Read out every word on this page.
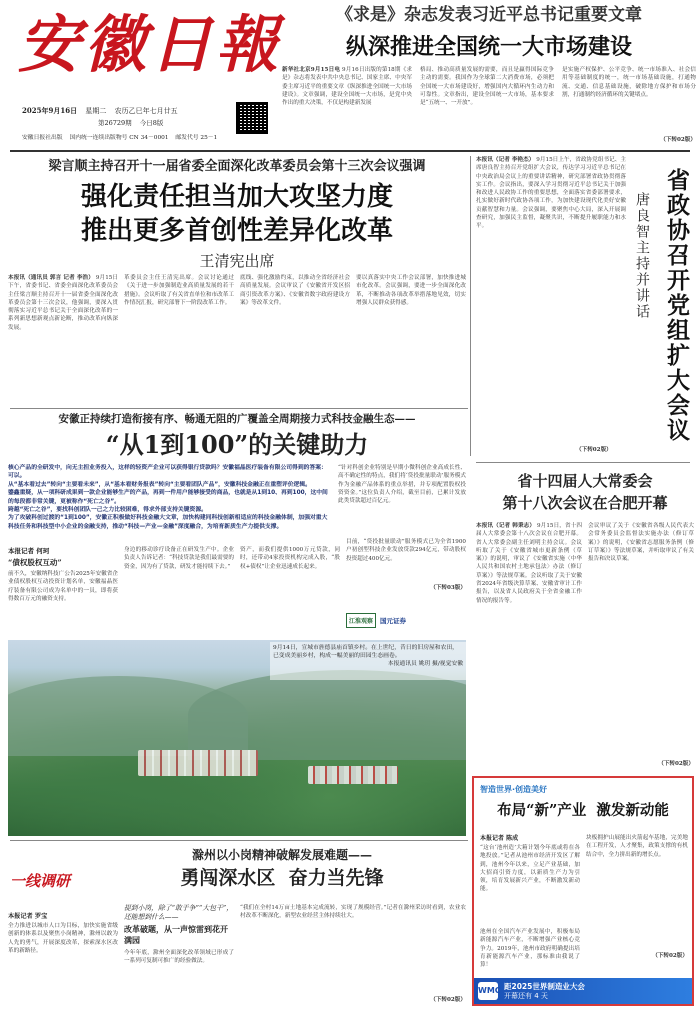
安徽日報
2025年9月16日 星期二 农历乙巳年七月廿五
第26729期 今日8版
安徽日报社出版 国内统一连续出版物号 CN 34－0001 邮发代号 25－1
《求是》杂志发表习近平总书记重要文章
纵深推进全国统一大市场建设
新华社北京9月15日电 9月16日出版的第18期《求是》杂志将发表中共中央总书记、国家主席、中央军委主席习近平的重要文章《纵深推进全国统一大市场建设》。文章强调，建设全国统一大市场，是党中央作出的重大决策，不仅是构建新发展
格局、推动高质量发展的需要，而且是赢得国际竞争主动的需要。我国作为全球第二大消费市场，必须把全国统一大市场建设好，增强国内大循环内生动力和可靠性。文章指出，建设全国统一大市场，基本要求是“五统一、一开放”。
是实施产权保护、公平竞争、统一市场准入、社会信用等基础制度的统一，统一市场基础设施，打通物流、交通、信息基础设施，破除地方保护和市场分割，打通制约经济循环的关键堵点。
（下转02版）
梁言顺主持召开十一届省委全面深化改革委员会第十三次会议强调
强化责任担当加大攻坚力度
推出更多首创性差异化改革
王清宪出席
本报讯（通讯员 郭言 记者 李浩） 9月15日下午，省委书记、省委全面深化改革委员会主任梁言顺主持召开十一届省委全面深化改革委员会第十三次会议，他强调，要深入贯彻落实习近平总书记关于全面深化改革的一系列新思想新观点新论断，推动改革向纵深发展。
革委员会主任王清宪出席。会议讨论通过《关于进一步加强制造业高质量发展的若干措施》。会议听取了有关省直单位和市改革工作情况汇报，研究部署下一阶段改革工作。
底线、强化激励约束，以推动全省经济社会高质量发展。会议审议了《安徽省开发区招商引资改革方案》、《安徽省数字政府建设方案》等改革文件。
要以真落实中央工作会议部署，加快推进城市化改革。会议强调，要进一步全面深化改革，不断推动各项改革举措落地见效，切实增强人民群众获得感。
本报讯（记者 李艳杰） 9月15日上午，省政协党组书记、主席唐良智主持召开党组扩大会议，传达学习习近平总书记在中央政治局会议上的重要讲话精神，研究部署省政协贯彻落实工作。会议指出，要深入学习贯彻习近平总书记关于加强和改进人民政协工作的重要思想，全面落实省委部署要求，扎实做好新时代政协各项工作，为加快建设现代化美好安徽贡献智慧和力量。会议强调，要聚焦中心大局，深入开展调查研究，加强民主监督，凝聚共识，不断提升履职能力和水平。	省政协召开党组扩大会议
唐良智主持并讲话
（下转02版）
安徽正持续打造衔接有序、畅通无阻的广覆盖全周期接力式科技金融生态——
“从1到100”的关键助力
核心产品的全研发中，向无主担业务投入，这样的轻资产企业可以获得银行贷款吗？安徽福晶医疗装备有限公司得到的答案：可以。
从“基本看过去”转向“主要看未来”，从“基本看财务报表”转向“主要看团队产品”，安徽科技金融正在重塑评价逻辑。
鎏鑫重疑，从一项科研成果到一款企业能够生产的产品，再到一件用户能够接受的商品，也就是从1到10、再到100，这中间的每段都非常关键，更被称作“死亡之谷”。
跨越“死亡之谷”，要找科创团队一己之力比较困难，得求外部支持关键资源。
为了攻破科创过渡的“1到100”，安徽正积极做好科技金融大文章，加快构建同科技创新相适应的科技金融体制，加强对重大科技任务和科技型中小企业的金融支持，推动“科技—产业—金融”深度融合，为培育新质生产力提供支撑。
“针对科创企业特别是早期小微科创企业高成长性、高不确定性的特点，我们将‘贷投批量联动’服务模式作为金融产品体系的重点举措，并专项配置股权投资资金。”这位负责人介绍，截至目前，已累计发放此类贷款超过百亿元。
本报记者 何珂
“债权股权互动”
前不久，安徽纳科技广公告2025年安徽省企业债权股权互动投资计划名单，安徽福晶医疗装备有限公司成为名单中的一员，即将获得数百万元的融资支持。
身边的移动诊疗设备正在研发生产中。企业负责人告诉记者：“科技贷款是我们最需要的资金，因为有了贷款，研发才能持续下去。”
资产，而我们提供1000万元贷款，同时，还带动4家投资机构完成入股，“股权+债权”让企业迅速成长起来。
目前，“贷投批量联动”服务模式已为全省1900户初创型科技企业发放贷款294亿元，带动股权投资超过400亿元。
（下转03版）
江淮观察	国元证券
9月14日，宣城市旌德县庙首镇乡村。在上世纪，昔日的旧房屋和农田，已变成美丽乡村，构成一幅美丽的田园生态画卷。
本报通讯员 姚玥 摄/视觉安徽
省十四届人大常委会
第十八次会议在合肥开幕
本报讯（记者 韩秉志） 9月15日，省十四届人大常委会第十八次会议在合肥开幕。省人大常委会副主任刘明主持会议。会议听取了关于《安徽省城市更新条例（草案）》的说明，审议了《安徽省实施〈中华人民共和国农村土地承包法〉办法（修订草案）》等法规草案。会议听取了关于安徽省2024年省级决算草案、安徽省审计工作报告，以及省人民政府关于全省金融工作情况的报告等。
会议审议了关于《安徽省各级人民代表大会常务委员会监督法实施办法（修订草案）》的说明，《安徽省志愿服务条例（修订草案）》等法规草案，并听取审议了有关报告和决议草案。
（下转02版）
智造世界·创造美好
布局“新”产业  激发新动能
本报记者 陈成
“这台‘池州造’大箱计划今年底或将在各地投放。”记者从池州市经济开发区了解到，池州今年以来，立足产业基础，加大招商引资力度，以新质生产力为引领，培育发展新兴产业，不断激发新动能。
池州在全国汽车产业发展中，积极布局新能源汽车产业，不断增强产业核心竞争力。2019年，池州市政府明确提出培育新能源汽车产业，那标准由我说了算！
块板拥护山展能出火箭起车基地，完美地在工程开发，人才聚集，政策支撑的有机结合中，全力拼出新的增长点。
（下转02版）
WMC 距2025世界制造业大会
开幕还有 4 天
一线调研
滁州以小岗精神破解发展难题——
勇闯深水区  奋力当先锋
本报记者 罗宝
全力推进以城市人口为目标，加快实施省级创新的体系以及聚焦小岗精神，滁州以敢为人先的勇气，开展深度改革，探索深水区改革的新路径。
提到小岗，除了“敢于争”“大包干”，还能想到什么——
改革破题，从一声惊雷到花开满园
今年年底，滁州全面深化改革领域已形成了一系列可复制可推广的经验做法。
“我们在全村14万亩土地基本完成流转，实现了规模经营。”记者在滁州采访时看到，农业农村改革不断深化，新型农业经营主体持续壮大。
（下转02版）
